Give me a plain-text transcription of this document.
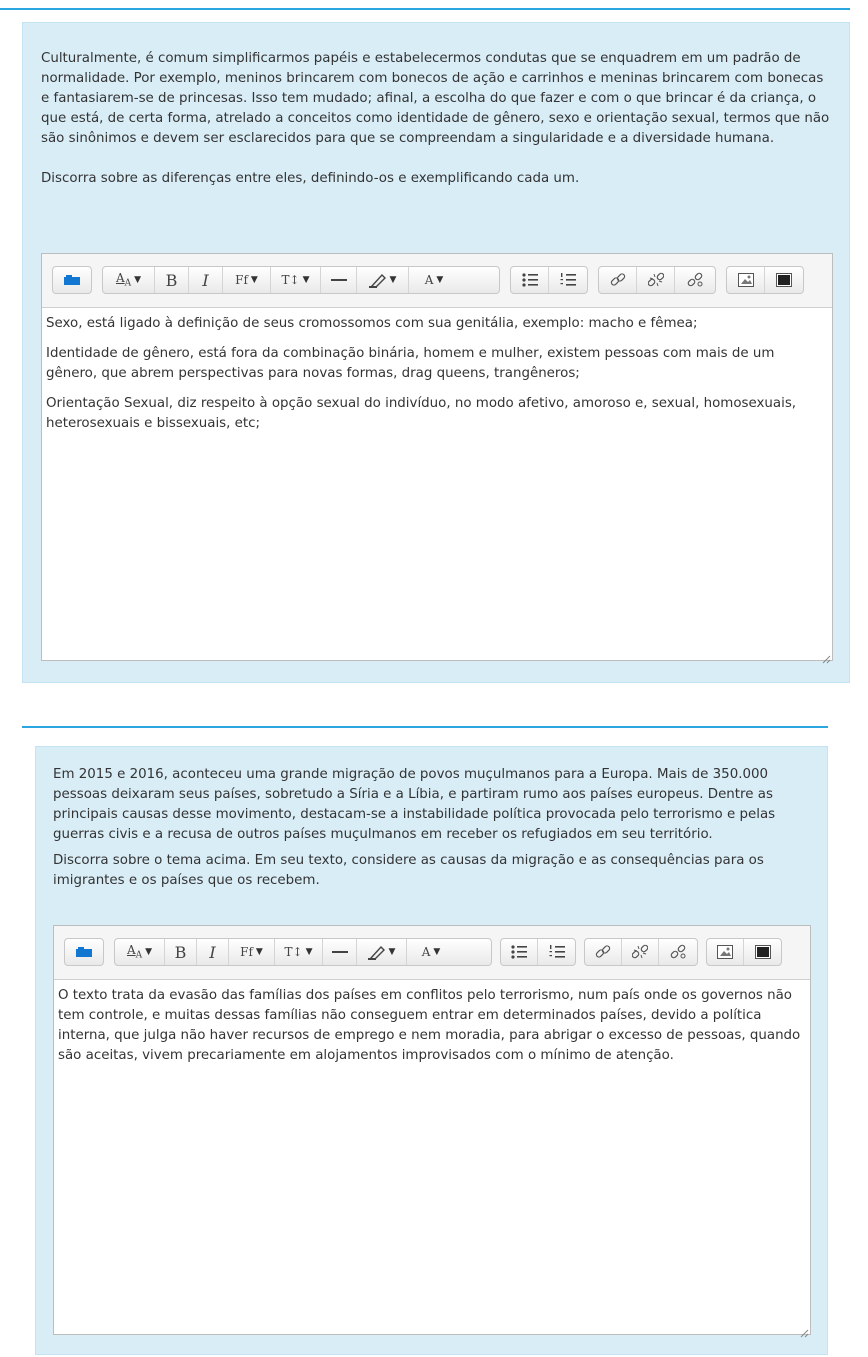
Culturalmente, é comum simplificarmos papéis e estabelecermos condutas que se enquadrem em um padrão de normalidade. Por exemplo, meninos brincarem com bonecos de ação e carrinhos e meninas brincarem com bonecas e fantasiarem-se de princesas. Isso tem mudado; afinal, a escolha do que fazer e com o que brincar é da criança, o que está, de certa forma, atrelado a conceitos como identidade de gênero, sexo e orientação sexual, termos que não são sinônimos e devem ser esclarecidos para que se compreendam a singularidade e a diversidade humana.

Discorra sobre as diferenças entre eles, definindo-os e exemplificando cada um.

$A_A$ ▼ B I Ff ▼ T↕ ▼	▼ A ▼

Sexo, está ligado à definição de seus cromossomos com sua genitália, exemplo: macho e fêmea;

Identidade de gênero, está fora da combinação binária, homem e mulher, existem pessoas com mais de um gênero, que abrem perspectivas para novas formas, drag queens, trangêneros;

Orientação Sexual, diz respeito à opção sexual do indivíduo, no modo afetivo, amoroso e, sexual, homosexuais, heterosexuais e bissexuais, etc;

Em 2015 e 2016, aconteceu uma grande migração de povos muçulmanos para a Europa. Mais de 350.000 pessoas deixaram seus países, sobretudo a Síria e a Líbia, e partiram rumo aos países europeus. Dentre as principais causas desse movimento, destacam-se a instabilidade política provocada pelo terrorismo e pelas guerras civis e a recusa de outros países muçulmanos em receber os refugiados em seu território.

Discorra sobre o tema acima. Em seu texto, considere as causas da migração e as consequências para os imigrantes e os países que os recebem.

$A_A$ ▼ B I Ff ▼ T↕ ▼	▼ A ▼

O texto trata da evasão das famílias dos países em conflitos pelo terrorismo, num país onde os governos não tem controle, e muitas dessas famílias não conseguem entrar em determinados países, devido a política interna, que julga não haver recursos de emprego e nem moradia, para abrigar o excesso de pessoas, quando são aceitas, vivem precariamente em alojamentos improvisados com o mínimo de atenção.
